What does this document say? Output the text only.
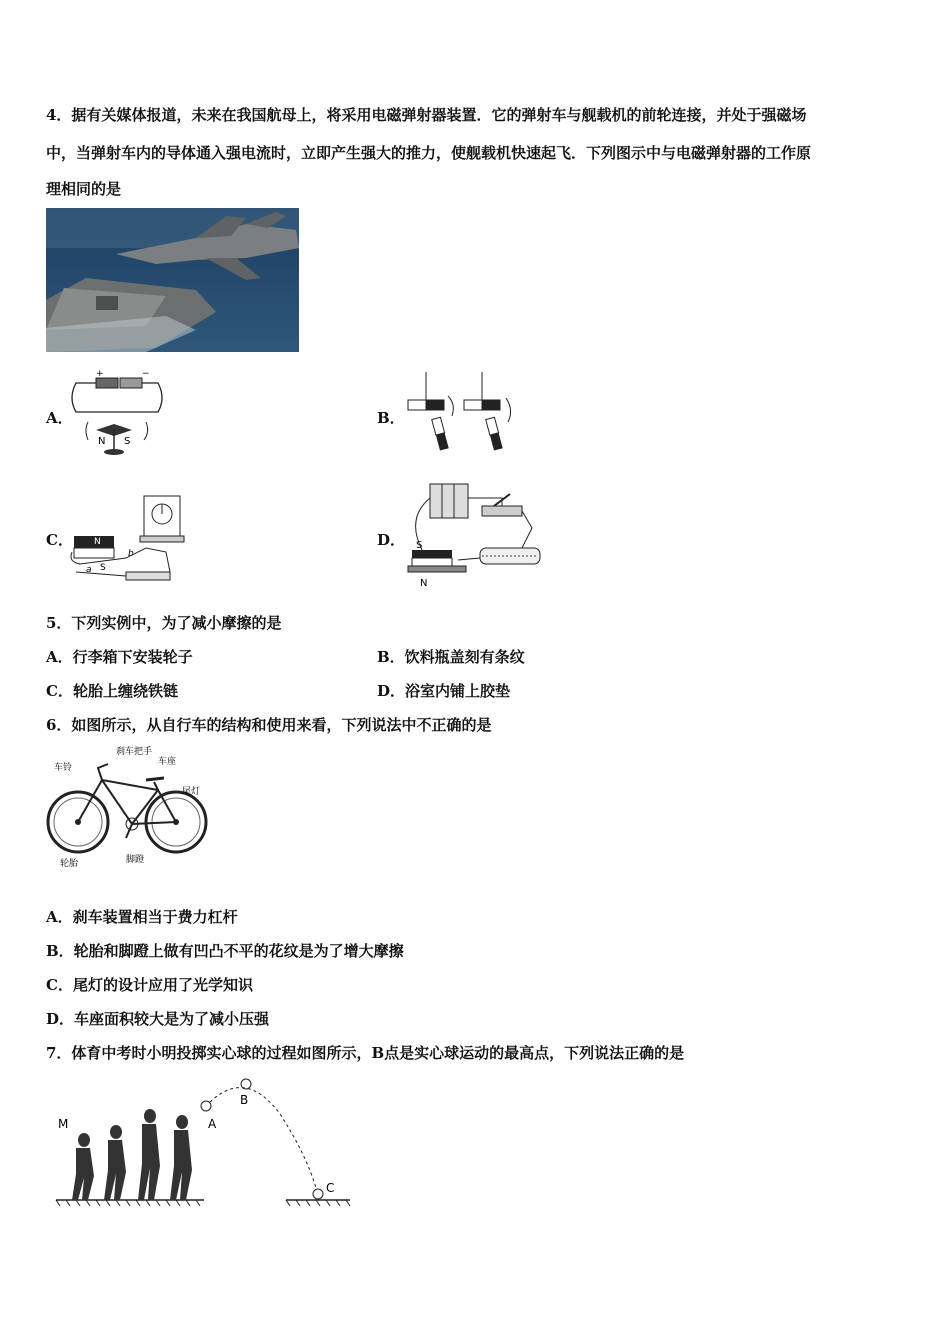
4．据有关媒体报道，未来在我国航母上，将采用电磁弹射器装置．它的弹射车与舰载机的前轮连接，并处于强磁场
中，当弹射车内的导体通入强电流时，立即产生强大的推力，使舰载机快速起飞．下列图示中与电磁弹射器的工作原
理相同的是
A．
+	−
N S
B．
C． N
S
a
b
D． S
N
5．下列实例中，为了减小摩擦的是
A．行李箱下安装轮子	B．饮料瓶盖刻有条纹
C．轮胎上缠绕铁链	D．浴室内铺上胶垫
6．如图所示，从自行车的结构和使用来看，下列说法中不正确的是
车铃
刹车把手
车座
尾灯
轮胎	脚蹬
A．刹车装置相当于费力杠杆
B．轮胎和脚蹬上做有凹凸不平的花纹是为了增大摩擦
C．尾灯的设计应用了光学知识
D．车座面积较大是为了减小压强
7．体育中考时小明投掷实心球的过程如图所示，B点是实心球运动的最高点，下列说法正确的是
M	A
B
C
